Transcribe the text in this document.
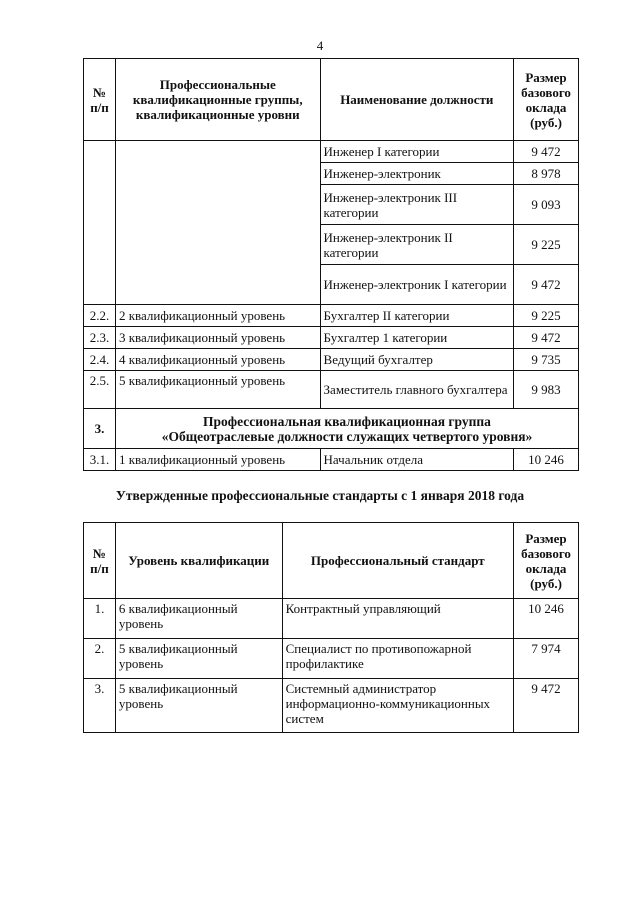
4
№ п/п	Профессиональные квалификационные группы, квалификационные уровни	Наименование должности	Размер базового оклада (руб.)
		Инженер I категории	9 472
		Инженер-электроник	8 978
		Инженер-электроник III категории	9 093
		Инженер-электроник II категории	9 225
		Инженер-электроник I категории	9 472
2.2.	2 квалификационный уровень	Бухгалтер II категории	9 225
2.3.	3 квалификационный уровень	Бухгалтер 1 категории	9 472
2.4.	4 квалификационный уровень	Ведущий бухгалтер	9 735
2.5.	5 квалификационный уровень	Заместитель главного бухгалтера	9 983
3.	Профессиональная квалификационная группа
«Общеотраслевые должности служащих четвертого уровня»		

3.1.	1 квалификационный уровень	Начальник отдела	10 246
Утвержденные профессиональные стандарты с 1 января 2018 года
№ п/п	Уровень квалификации	Профессиональный стандарт	Размер базового оклада (руб.)
1.	6 квалификационный уровень	Контрактный управляющий	10 246
2.	5 квалификационный уровень	Специалист по противопожарной профилактике	7 974
3.	5 квалификационный уровень	Системный администратор информационно-коммуникационных систем	9 472
